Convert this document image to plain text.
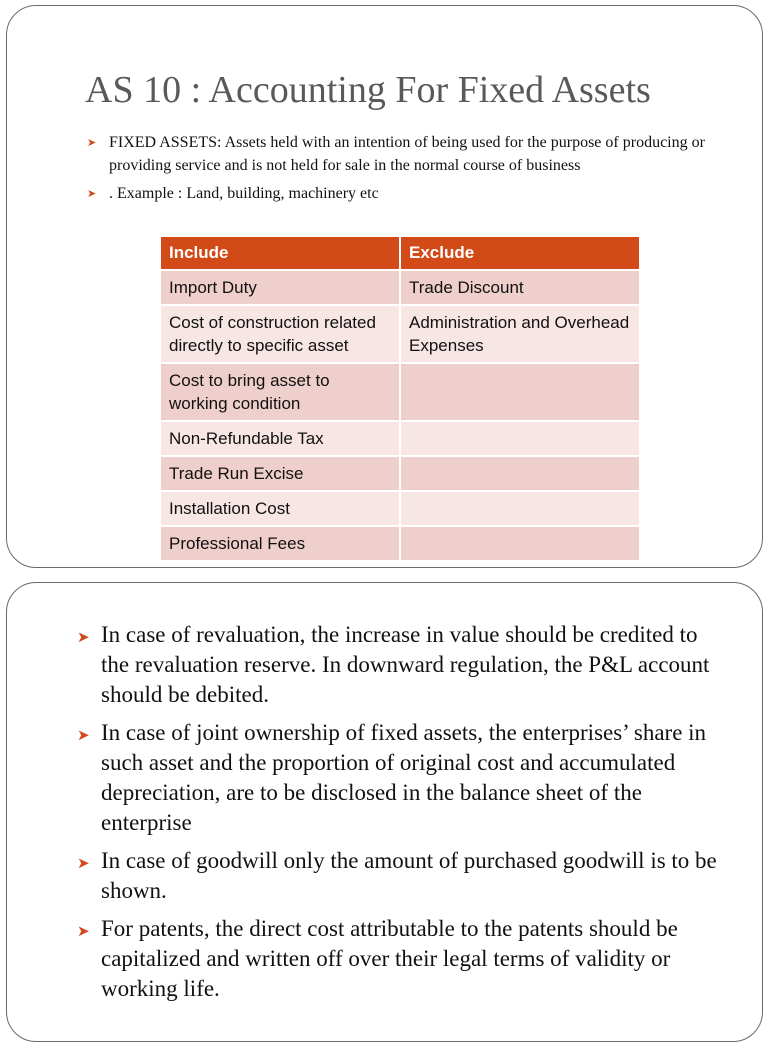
AS 10 : Accounting For Fixed Assets
➤ FIXED ASSETS: Assets held with an intention of being used for the purpose of producing or providing service and is not held for sale in the normal course of business
➤ . Example : Land, building, machinery etc
Include	Exclude
Import Duty	Trade Discount
Cost of construction related directly to specific asset	Administration and Overhead Expenses
Cost to bring asset to working condition	
Non-Refundable Tax	
Trade Run Excise	
Installation Cost	
Professional Fees	
➤ In case of revaluation, the increase in value should be credited to the revaluation reserve. In downward regulation, the P&L account should be debited.
➤ In case of joint ownership of fixed assets, the enterprises’ share in such asset and the proportion of original cost and accumulated depreciation, are to be disclosed in the balance sheet of the enterprise
➤ In case of goodwill only the amount of purchased goodwill is to be shown.
➤ For patents, the direct cost attributable to the patents should be capitalized and written off over their legal terms of validity or working life.
